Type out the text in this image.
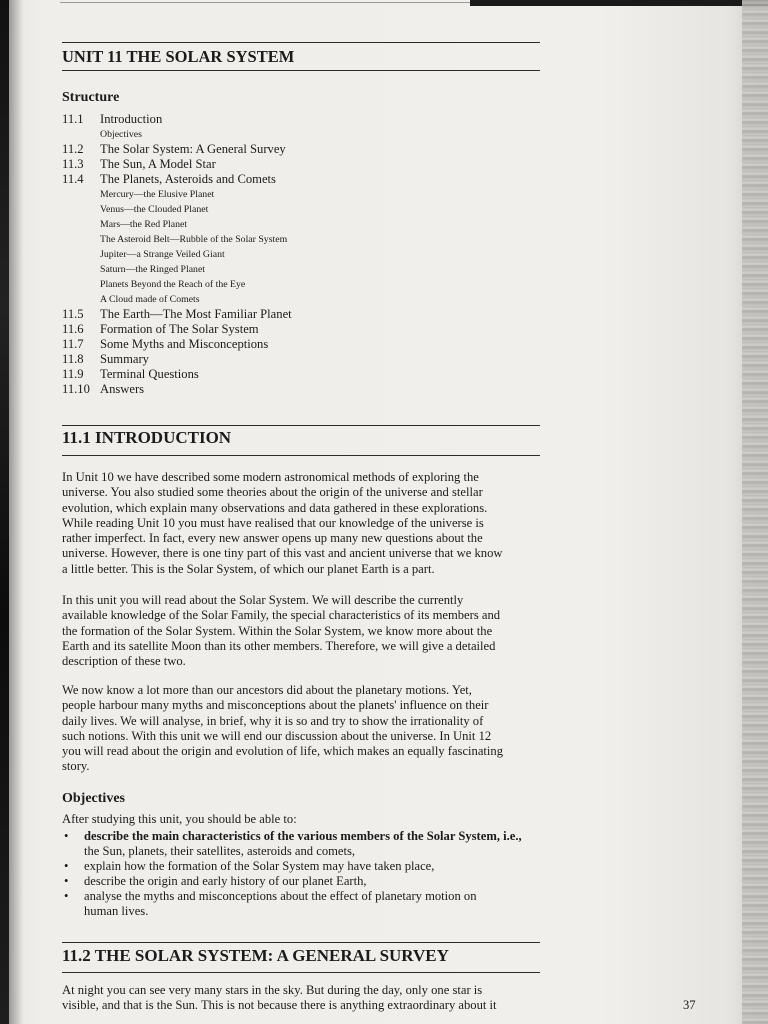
UNIT 11 THE SOLAR SYSTEM
Structure
11.1 Introduction
Objectives
11.2 The Solar System: A General Survey
11.3 The Sun, A Model Star
11.4 The Planets, Asteroids and Comets
Mercury—the Elusive Planet
Venus—the Clouded Planet
Mars—the Red Planet
The Asteroid Belt—Rubble of the Solar System
Jupiter—a Strange Veiled Giant
Saturn—the Ringed Planet
Planets Beyond the Reach of the Eye
A Cloud made of Comets
11.5 The Earth—The Most Familiar Planet
11.6 Formation of The Solar System
11.7 Some Myths and Misconceptions
11.8 Summary
11.9 Terminal Questions
11.10 Answers
11.1 INTRODUCTION
In Unit 10 we have described some modern astronomical methods of exploring the
universe. You also studied some theories about the origin of the universe and stellar
evolution, which explain many observations and data gathered in these explorations.
While reading Unit 10 you must have realised that our knowledge of the universe is
rather imperfect. In fact, every new answer opens up many new questions about the
universe. However, there is one tiny part of this vast and ancient universe that we know
a little better. This is the Solar System, of which our planet Earth is a part.
In this unit you will read about the Solar System. We will describe the currently
available knowledge of the Solar Family, the special characteristics of its members and
the formation of the Solar System. Within the Solar System, we know more about the
Earth and its satellite Moon than its other members. Therefore, we will give a detailed
description of these two.
We now know a lot more than our ancestors did about the planetary motions. Yet,
people harbour many myths and misconceptions about the planets' influence on their
daily lives. We will analyse, in brief, why it is so and try to show the irrationality of
such notions. With this unit we will end our discussion about the universe. In Unit 12
you will read about the origin and evolution of life, which makes an equally fascinating
story.
Objectives
After studying this unit, you should be able to:
• describe the main characteristics of the various members of the Solar System, i.e.,
the Sun, planets, their satellites, asteroids and comets,
• explain how the formation of the Solar System may have taken place,
• describe the origin and early history of our planet Earth,
• analyse the myths and misconceptions about the effect of planetary motion on
human lives.
11.2 THE SOLAR SYSTEM: A GENERAL SURVEY
At night you can see very many stars in the sky. But during the day, only one star is
visible, and that is the Sun. This is not because there is anything extraordinary about it	37
